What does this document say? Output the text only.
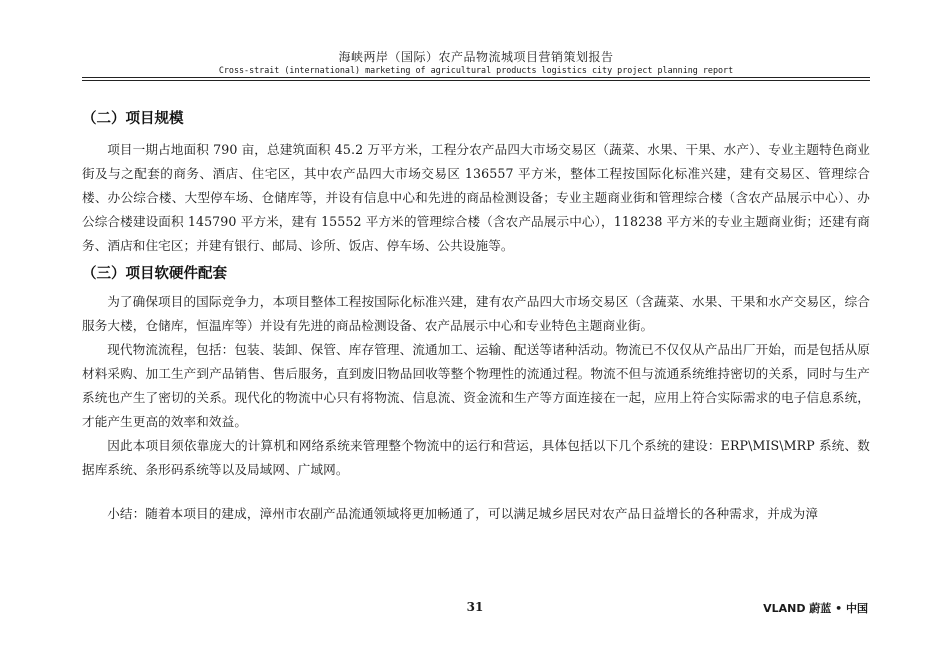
海峡两岸（国际）农产品物流城项目营销策划报告
Cross-strait (international) marketing of agricultural products logistics city project planning report
（二）项目规模

项目一期占地面积 790 亩，总建筑面积 45.2 万平方米，工程分农产品四大市场交易区（蔬菜、水果、干果、水产）、专业主题特色商业街及与之配套的商务、酒店、住宅区，其中农产品四大市场交易区 136557 平方米，整体工程按国际化标准兴建，建有交易区、管理综合楼、办公综合楼、大型停车场、仓储库等，并设有信息中心和先进的商品检测设备；专业主题商业街和管理综合楼（含农产品展示中心）、办公综合楼建设面积 145790 平方米，建有 15552 平方米的管理综合楼（含农产品展示中心），118238 平方米的专业主题商业街；还建有商务、酒店和住宅区；并建有银行、邮局、诊所、饭店、停车场、公共设施等。

（三）项目软硬件配套

为了确保项目的国际竞争力，本项目整体工程按国际化标准兴建，建有农产品四大市场交易区（含蔬菜、水果、干果和水产交易区，综合服务大楼，仓储库，恒温库等）并设有先进的商品检测设备、农产品展示中心和专业特色主题商业街。

现代物流流程，包括：包装、装卸、保管、库存管理、流通加工、运输、配送等诸种活动。物流已不仅仅从产品出厂开始，而是包括从原材料采购、加工生产到产品销售、售后服务，直到废旧物品回收等整个物理性的流通过程。物流不但与流通系统维持密切的关系，同时与生产系统也产生了密切的关系。现代化的物流中心只有将物流、信息流、资金流和生产等方面连接在一起，应用上符合实际需求的电子信息系统，才能产生更高的效率和效益。

因此本项目须依靠庞大的计算机和网络系统来管理整个物流中的运行和营运，具体包括以下几个系统的建设：ERP\MIS\MRP 系统、数据库系统、条形码系统等以及局域网、广域网。

小结：随着本项目的建成，漳州市农副产品流通领域将更加畅通了，可以满足城乡居民对农产品日益增长的各种需求，并成为漳

31	VLAND 蔚蓝 • 中国
